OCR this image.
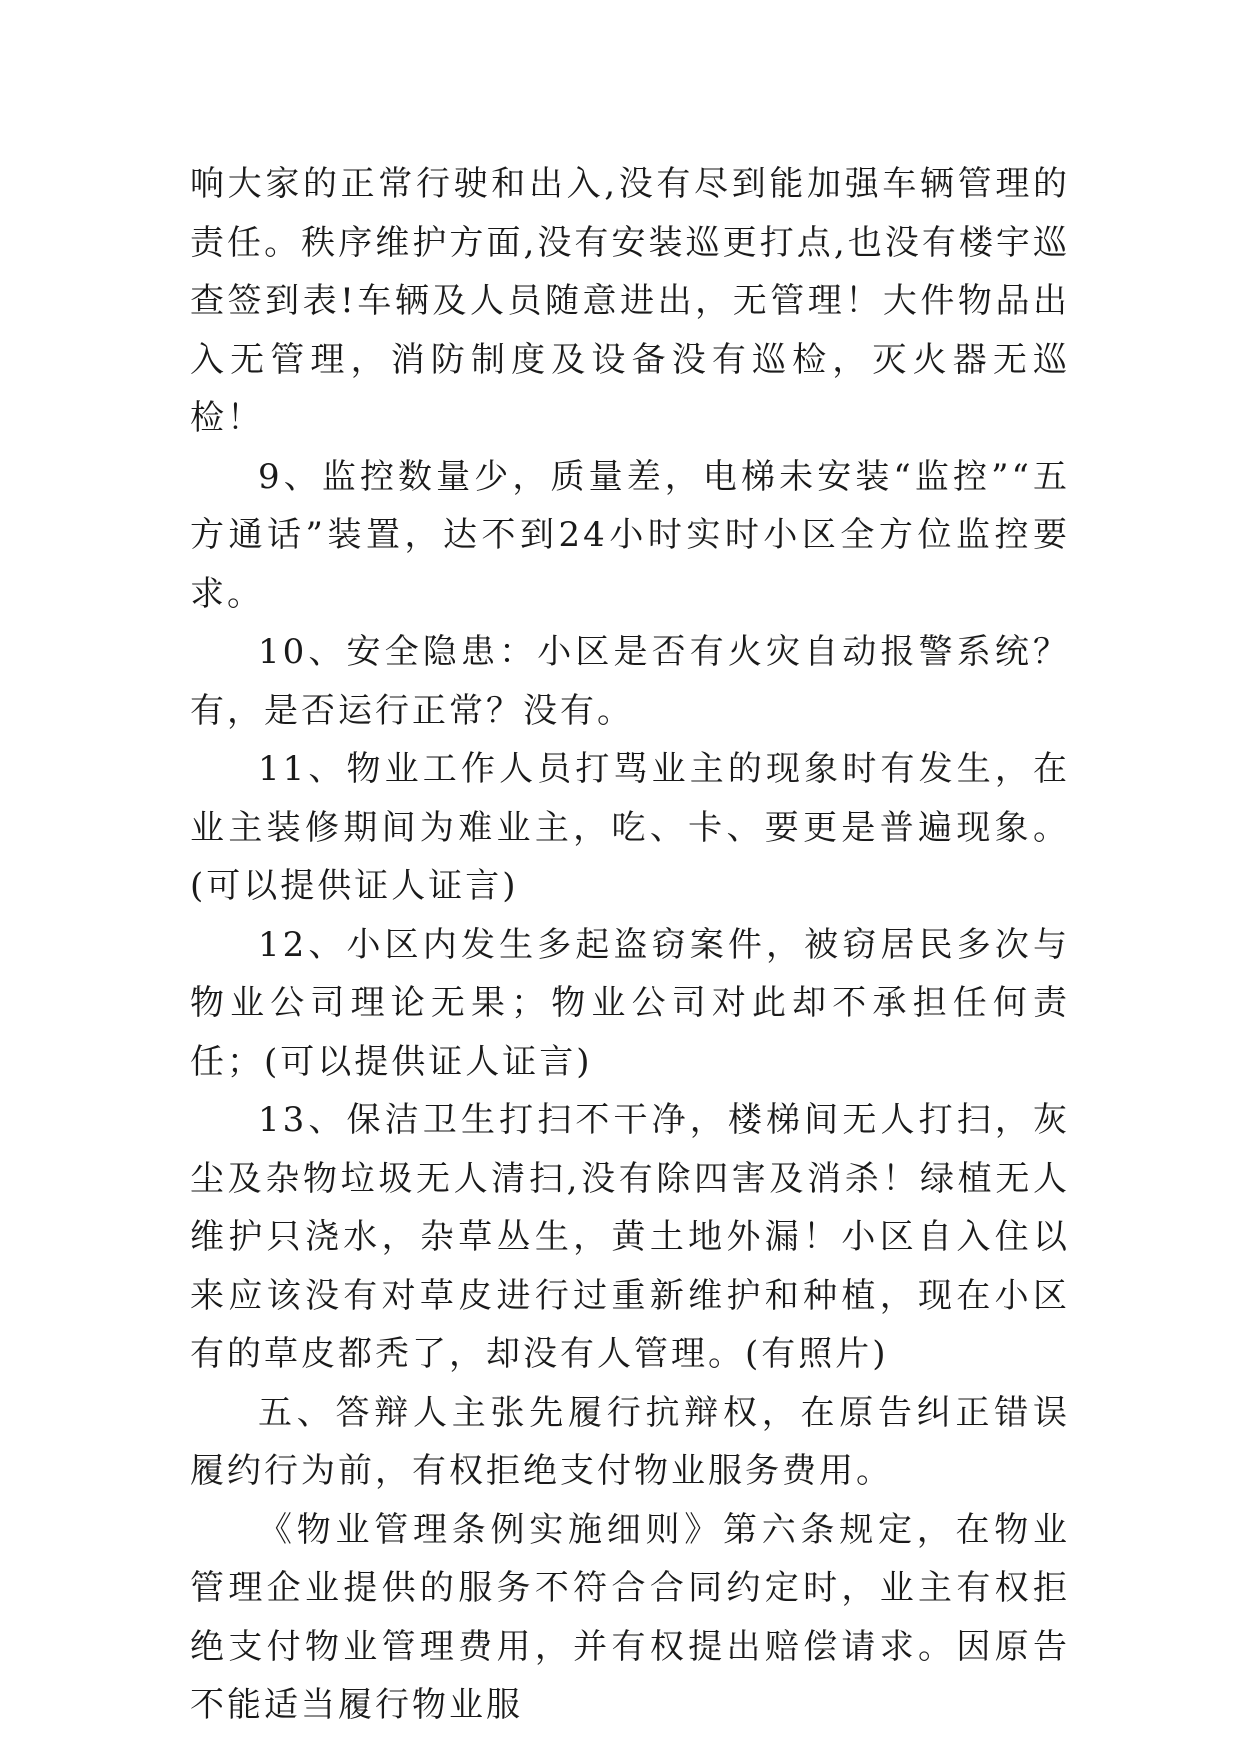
响大家的正常行驶和出入,没有尽到能加强车辆管理的责任。秩序维护方面,没有安装巡更打点,也没有楼宇巡查签到表!车辆及人员随意进出，无管理！大件物品出入无管理，消防制度及设备没有巡检，灭火器无巡检！

9、监控数量少，质量差，电梯未安装“监控”“五方通话”装置，达不到24小时实时小区全方位监控要求。

10、安全隐患：小区是否有火灾自动报警系统？有，是否运行正常？没有。

11、物业工作人员打骂业主的现象时有发生，在业主装修期间为难业主，吃、卡、要更是普遍现象。(可以提供证人证言)

12、小区内发生多起盗窃案件，被窃居民多次与物业公司理论无果；物业公司对此却不承担任何责任；(可以提供证人证言)

13、保洁卫生打扫不干净，楼梯间无人打扫，灰尘及杂物垃圾无人清扫,没有除四害及消杀！绿植无人维护只浇水，杂草丛生，黄土地外漏！小区自入住以来应该没有对草皮进行过重新维护和种植，现在小区有的草皮都秃了，却没有人管理。(有照片)

五、答辩人主张先履行抗辩权，在原告纠正错误履约行为前，有权拒绝支付物业服务费用。

《物业管理条例实施细则》第六条规定，在物业管理企业提供的服务不符合合同约定时，业主有权拒绝支付物业管理费用，并有权提出赔偿请求。因原告不能适当履行物业服
